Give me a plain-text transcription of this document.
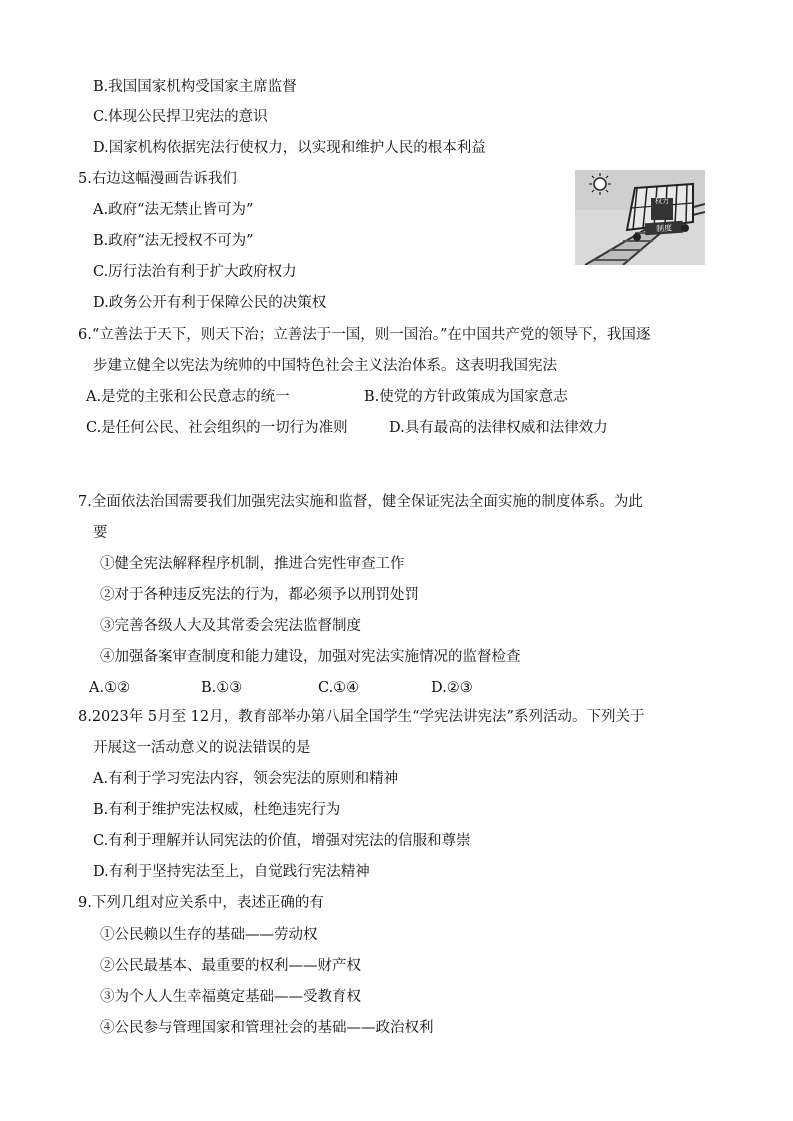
B.我国国家机构受国家主席监督
C.体现公民捍卫宪法的意识
D.国家机构依据宪法行使权力，以实现和维护人民的根本利益
5.右边这幅漫画告诉我们
A.政府“法无禁止皆可为”
B.政府“法无授权不可为”
C.厉行法治有利于扩大政府权力
D.政务公开有利于保障公民的决策权
权力
制度
6.“立善法于天下，则天下治；立善法于一国，则一国治。”在中国共产党的领导下，我国逐
步建立健全以宪法为统帅的中国特色社会主义法治体系。这表明我国宪法
A.是党的主张和公民意志的统一	B.使党的方针政策成为国家意志
C.是任何公民、社会组织的一切行为准则	D.具有最高的法律权威和法律效力
7.全面依法治国需要我们加强宪法实施和监督，健全保证宪法全面实施的制度体系。为此
要
①健全宪法解释程序机制，推进合宪性审查工作
②对于各种违反宪法的行为，都必须予以刑罚处罚
③完善各级人大及其常委会宪法监督制度
④加强备案审查制度和能力建设，加强对宪法实施情况的监督检查
A.①②	B.①③	C.①④	D.②③
8.2023年 5月至 12月，教育部举办第八届全国学生“学宪法讲宪法”系列活动。下列关于
开展这一活动意义的说法错误的是
A.有利于学习宪法内容，领会宪法的原则和精神
B.有利于维护宪法权威，杜绝违宪行为
C.有利于理解并认同宪法的价值，增强对宪法的信服和尊崇
D.有利于坚持宪法至上，自觉践行宪法精神
9.下列几组对应关系中，表述正确的有
①公民赖以生存的基础——劳动权
②公民最基本、最重要的权利——财产权
③为个人人生幸福奠定基础——受教育权
④公民参与管理国家和管理社会的基础——政治权利
